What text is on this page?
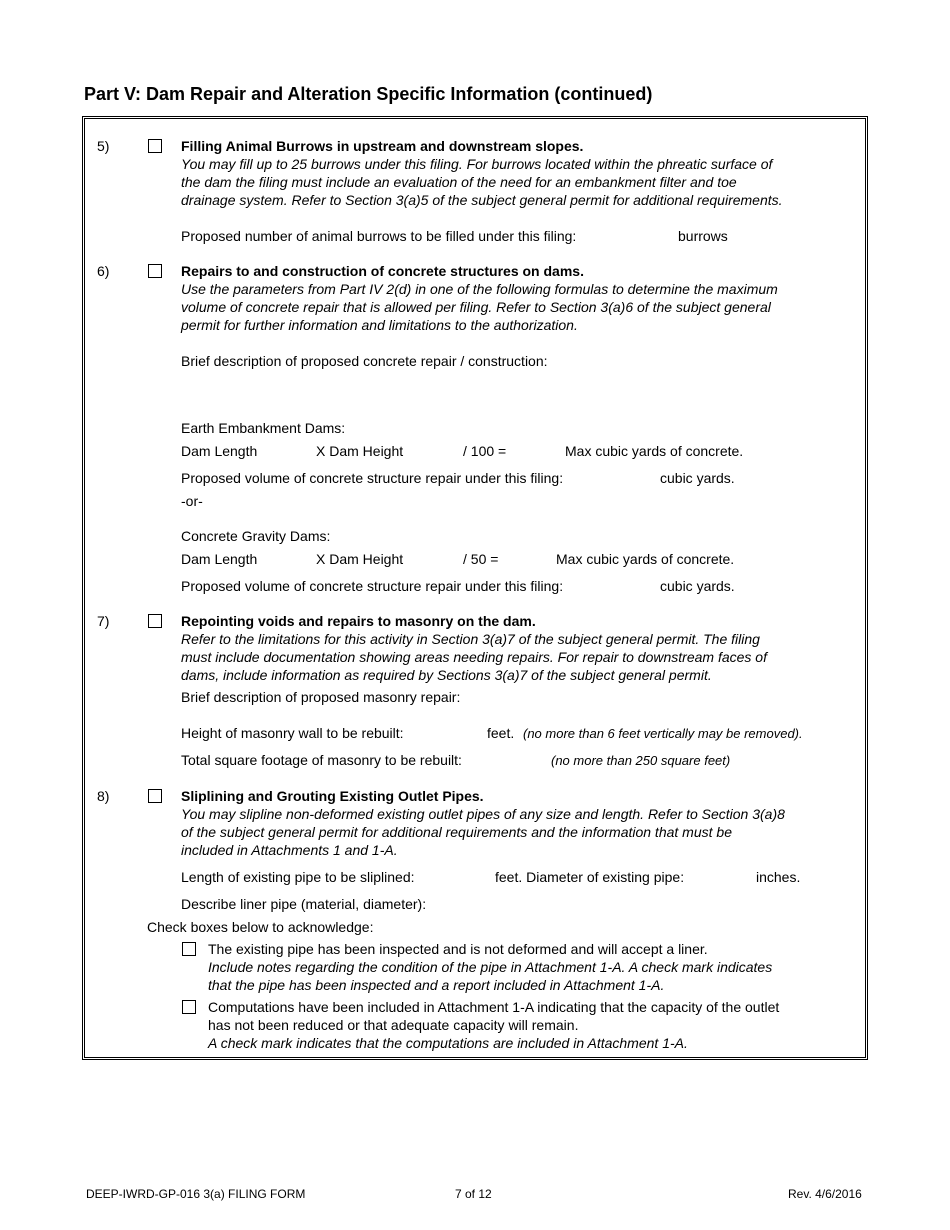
Part V: Dam Repair and Alteration Specific Information (continued)
5)	Filling Animal Burrows in upstream and downstream slopes.
You may fill up to 25 burrows under this filing. For burrows located within the phreatic surface of
the dam the filing must include an evaluation of the need for an embankment filter and toe
drainage system. Refer to Section 3(a)5 of the subject general permit for additional requirements.
Proposed number of animal burrows to be filled under this filing:	burrows
6)	Repairs to and construction of concrete structures on dams.
Use the parameters from Part IV 2(d) in one of the following formulas to determine the maximum
volume of concrete repair that is allowed per filing. Refer to Section 3(a)6 of the subject general
permit for further information and limitations to the authorization.
Brief description of proposed concrete repair / construction:
Earth Embankment Dams:
Dam Length	X Dam Height	/ 100 =	Max cubic yards of concrete.
Proposed volume of concrete structure repair under this filing:	cubic yards.
-or-
Concrete Gravity Dams:
Dam Length	X Dam Height	/ 50 =	Max cubic yards of concrete.
Proposed volume of concrete structure repair under this filing:	cubic yards.
7)	Repointing voids and repairs to masonry on the dam.
Refer to the limitations for this activity in Section 3(a)7 of the subject general permit. The filing
must include documentation showing areas needing repairs. For repair to downstream faces of
dams, include information as required by Sections 3(a)7 of the subject general permit.
Brief description of proposed masonry repair:
Height of masonry wall to be rebuilt:	feet. (no more than 6 feet vertically may be removed).
Total square footage of masonry to be rebuilt:	(no more than 250 square feet)
8)	Sliplining and Grouting Existing Outlet Pipes.
You may slipline non-deformed existing outlet pipes of any size and length. Refer to Section 3(a)8
of the subject general permit for additional requirements and the information that must be
included in Attachments 1 and 1-A.
Length of existing pipe to be sliplined:	feet. Diameter of existing pipe:	inches.
Describe liner pipe (material, diameter):
Check boxes below to acknowledge:
The existing pipe has been inspected and is not deformed and will accept a liner.
Include notes regarding the condition of the pipe in Attachment 1-A. A check mark indicates
that the pipe has been inspected and a report included in Attachment 1-A.
Computations have been included in Attachment 1-A indicating that the capacity of the outlet
has not been reduced or that adequate capacity will remain.
A check mark indicates that the computations are included in Attachment 1-A.
DEEP-IWRD-GP-016 3(a) FILING FORM	7 of 12	Rev. 4/6/2016
